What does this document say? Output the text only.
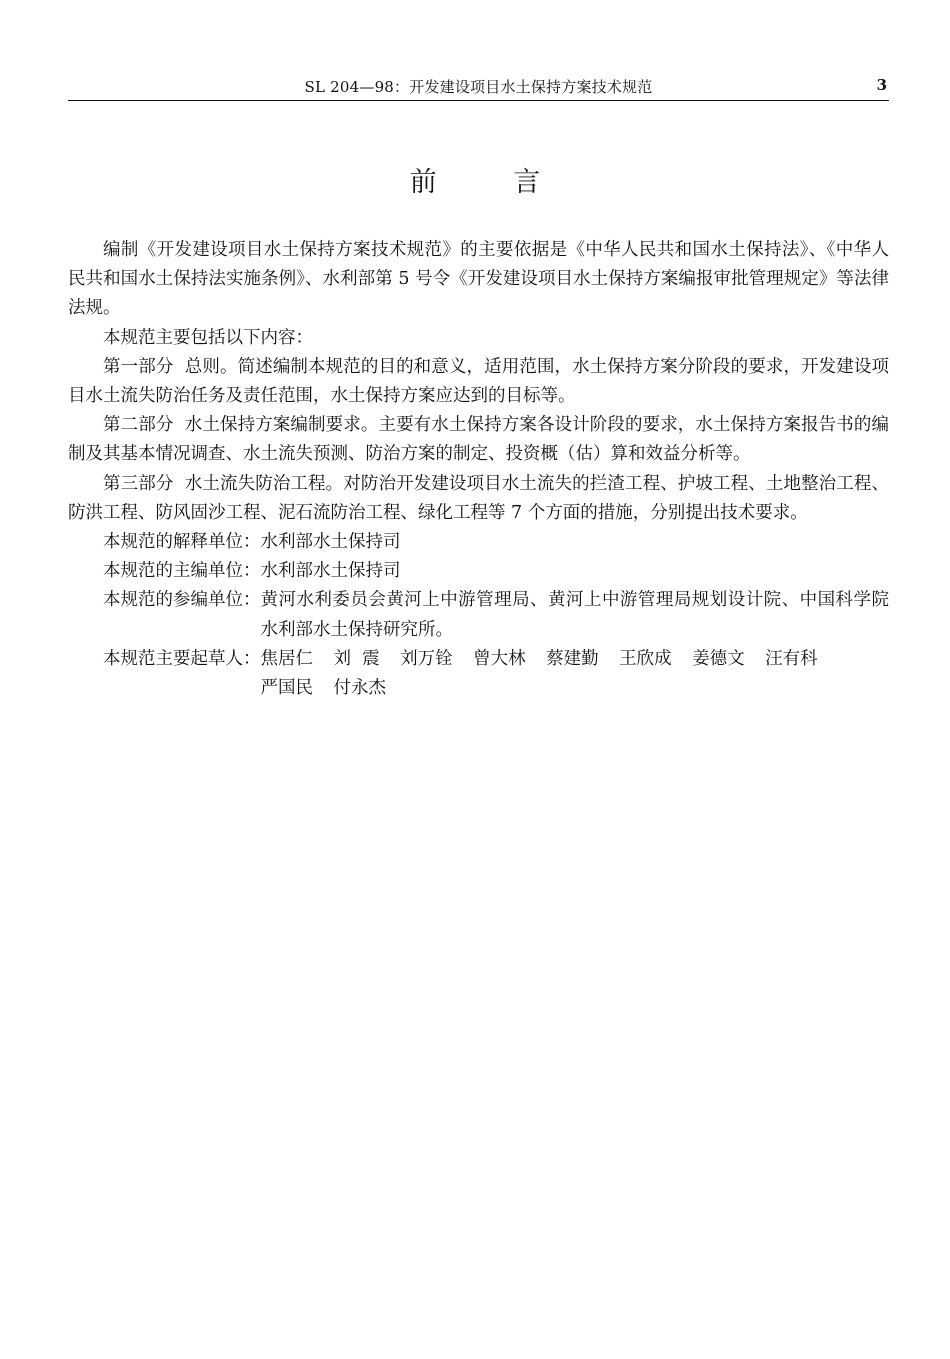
SL 204—98：开发建设项目水土保持方案技术规范	3
前 言

编制《开发建设项目水土保持方案技术规范》的主要依据是《中华人民共和国水土保持法》、《中华人民共和国水土保持法实施条例》、水利部第 5 号令《开发建设项目水土保持方案编报审批管理规定》等法律法规。

本规范主要包括以下内容：

第一部分  总则。简述编制本规范的目的和意义，适用范围，水土保持方案分阶段的要求，开发建设项目水土流失防治任务及责任范围，水土保持方案应达到的目标等。

第二部分  水土保持方案编制要求。主要有水土保持方案各设计阶段的要求，水土保持方案报告书的编制及其基本情况调查、水土流失预测、防治方案的制定、投资概（估）算和效益分析等。

第三部分  水土流失防治工程。对防治开发建设项目水土流失的拦渣工程、护坡工程、土地整治工程、防洪工程、防风固沙工程、泥石流防治工程、绿化工程等 7 个方面的措施，分别提出技术要求。

本规范的解释单位： 水利部水土保持司
本规范的主编单位： 水利部水土保持司
本规范的参编单位： 黄河水利委员会黄河上中游管理局、黄河上中游管理局规划设计院、中国科学院水利部水土保持研究所。
本规范主要起草人： 焦居仁 刘  震 刘万铨 曾大林 蔡建勤 王欣成 姜德文 汪有科
严国民 付永杰
